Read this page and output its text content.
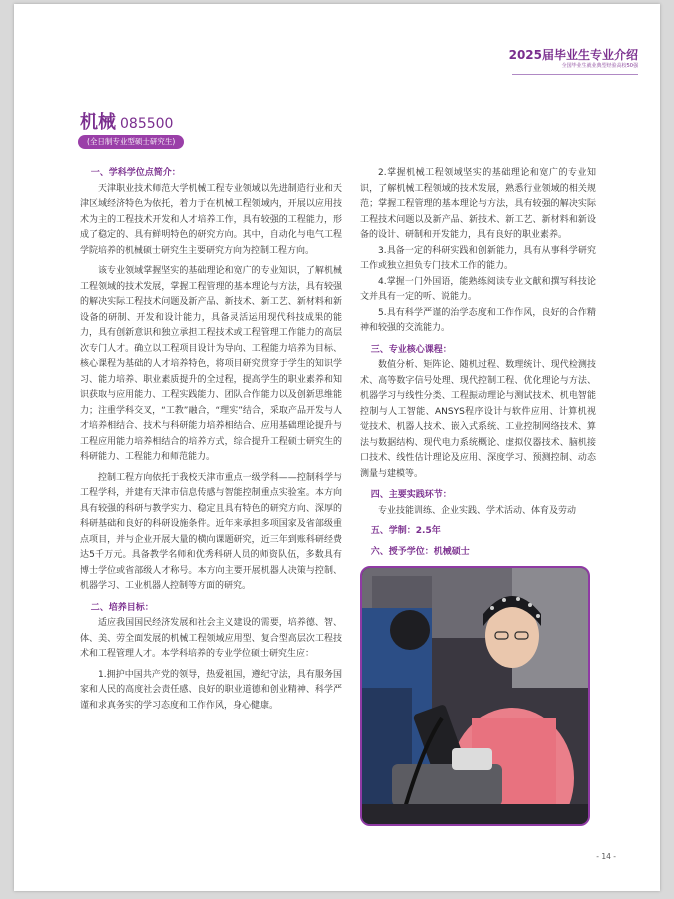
2025届毕业生专业介绍
全国毕业生就业典型经验高校50强
机械 085500
(全日制专业型硕士研究生)
一、学科学位点简介：

天津职业技术师范大学机械工程专业领域以先进制造行业和天津区域经济特色为依托，着力于在机械工程领域内，开展以应用技术为主的工程技术开发和人才培养工作，具有较强的工程能力，形成了稳定的、具有鲜明特色的研究方向。其中，自动化与电气工程学院培养的机械硕士研究生主要研究方向为控制工程方向。

该专业领域掌握坚实的基础理论和宽广的专业知识，了解机械工程领域的技术发展，掌握工程管理的基本理论与方法，具有较强的解决实际工程技术问题及新产品、新技术、新工艺、新材料和新设备的研制、开发和设计能力，具备灵活运用现代科技成果的能力，具有创新意识和独立承担工程技术或工程管理工作能力的高层次专门人才。确立以工程项目设计为导向、工程能力培养为目标、核心课程为基础的人才培养特色，将项目研究贯穿于学生的知识学习、能力培养、职业素质提升的全过程，提高学生的职业素养和知识获取与应用能力、工程实践能力、团队合作能力以及创新思维能力；注重学科交叉，“工教”融合，“理实”结合，采取产品开发与人才培养相结合、技术与科研能力培养相结合、应用基础理论提升与工程应用能力培养相结合的培养方式，综合提升工程硕士研究生的科研能力、工程能力和师范能力。

控制工程方向依托于我校天津市重点一级学科——控制科学与工程学科，并建有天津市信息传感与智能控制重点实验室。本方向具有较强的科研与教学实力、稳定且具有特色的研究方向、深厚的科研基础和良好的科研设施条件。近年来承担多项国家及省部级重点项目，并与企业开展大量的横向课题研究，近三年到账科研经费达5千万元。具备教学名师和优秀科研人员的师资队伍，多数具有博士学位或省部级人才称号。本方向主要开展机器人决策与控制、机器学习、工业机器人控制等方面的研究。

二、培养目标：

适应我国国民经济发展和社会主义建设的需要，培养德、智、体、美、劳全面发展的机械工程领域应用型、复合型高层次工程技术和工程管理人才。本学科培养的专业学位硕士研究生应：

1.拥护中国共产党的领导，热爱祖国，遵纪守法，具有服务国家和人民的高度社会责任感、良好的职业道德和创业精神、科学严谨和求真务实的学习态度和工作作风，身心健康。

2.掌握机械工程领域坚实的基础理论和宽广的专业知识，了解机械工程领域的技术发展，熟悉行业领域的相关规范；掌握工程管理的基本理论与方法，具有较强的解决实际工程技术问题以及新产品、新技术、新工艺、新材料和新设备的设计、研制和开发能力，具有良好的职业素养。

3.具备一定的科研实践和创新能力，具有从事科学研究工作或独立担负专门技术工作的能力。

4.掌握一门外国语，能熟练阅读专业文献和撰写科技论文并具有一定的听、说能力。

5.具有科学严谨的治学态度和工作作风，良好的合作精神和较强的交流能力。

三、专业核心课程：

数值分析、矩阵论、随机过程、数理统计、现代检测技术、高等数字信号处理、现代控制工程、优化理论与方法、机器学习与线性分类、工程振动理论与测试技术、机电智能控制与人工智能、ANSYS程序设计与软件应用、计算机视觉技术、机器人技术、嵌入式系统、工业控制网络技术、算法与数据结构、现代电力系统概论、虚拟仪器技术、脑机接口技术、线性估计理论及应用、深度学习、预测控制、动态测量与建模等。

四、主要实践环节：

专业技能训练、企业实践、学术活动、体育及劳动

五、学制：2.5年
六、授予学位：机械硕士
- 14 -
